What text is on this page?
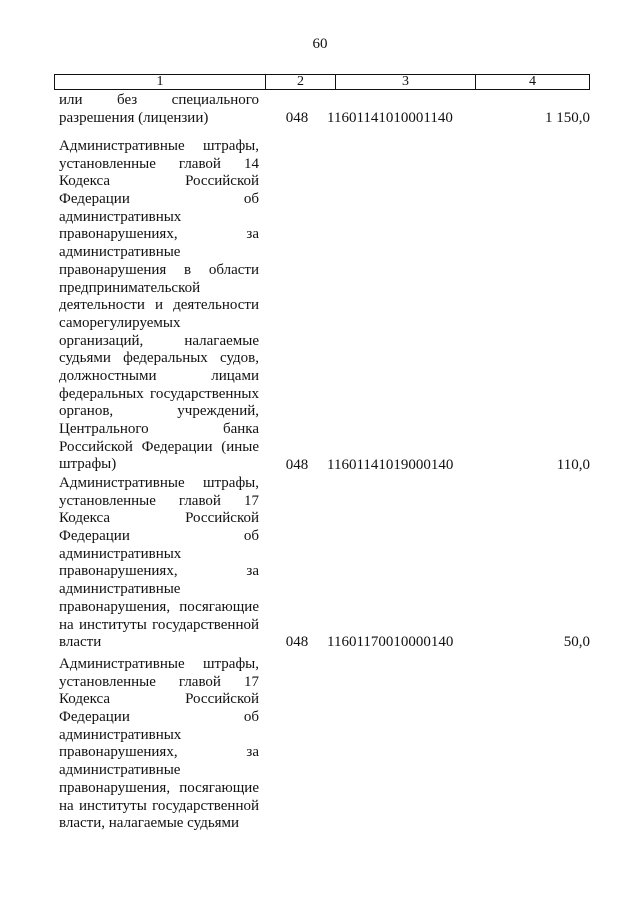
60
1	2	3	4
или без специального
разрешения (лицензии)	048	11601141010001140	1 150,0
Административные штрафы,
установленные главой 14
Кодекса Российской
Федерации об
административных
правонарушениях, за
административные
правонарушения в области
предпринимательской
деятельности и деятельности
саморегулируемых
организаций, налагаемые
судьями федеральных судов,
должностными лицами
федеральных государственных
органов, учреждений,
Центрального банка
Российской Федерации (иные
штрафы)	048	11601141019000140	110,0
Административные штрафы,
установленные главой 17
Кодекса Российской
Федерации об
административных
правонарушениях, за
административные
правонарушения, посягающие
на институты государственной
власти	048	11601170010000140	50,0
Административные штрафы,
установленные главой 17
Кодекса Российской
Федерации об
административных
правонарушениях, за
административные
правонарушения, посягающие
на институты государственной
власти, налагаемые судьями
